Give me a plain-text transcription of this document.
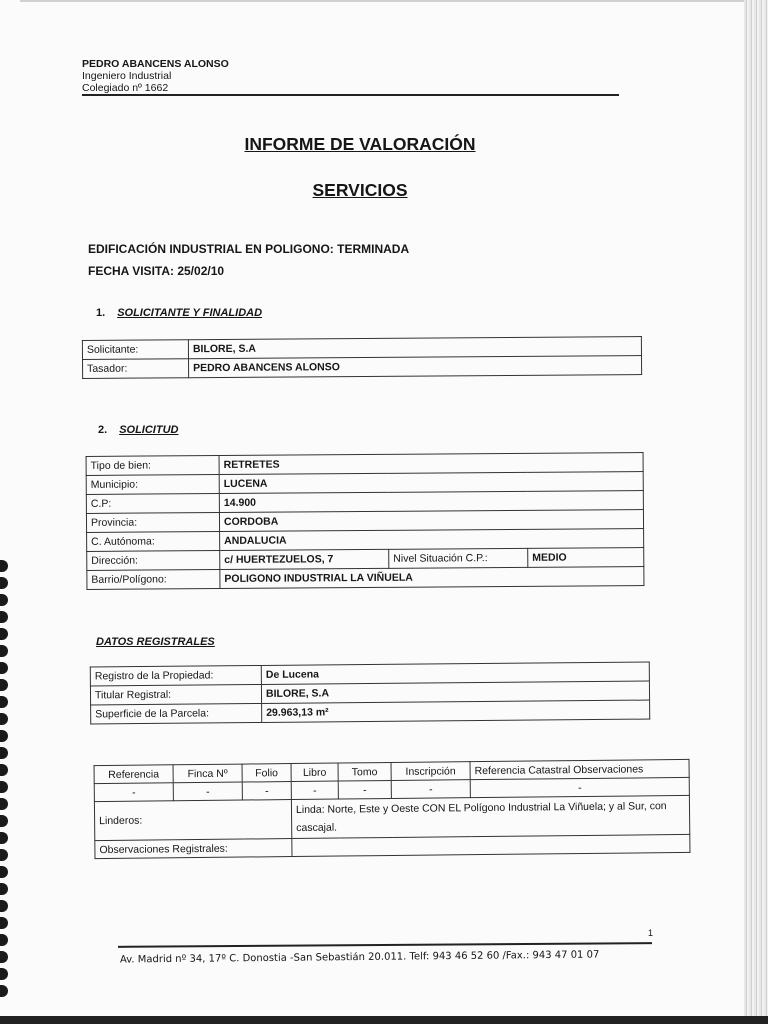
PEDRO ABANCENS ALONSO
Ingeniero Industrial
Colegiado nº 1662
INFORME DE VALORACIÓN
SERVICIOS
EDIFICACIÓN INDUSTRIAL EN POLIGONO: TERMINADA
FECHA VISITA: 25/02/10
1. SOLICITANTE Y FINALIDAD
Solicitante:	BILORE, S.A
Tasador:	PEDRO ABANCENS ALONSO
2. SOLICITUD
Tipo de bien:	RETRETES		
Municipio:	LUCENA		
C.P:	14.900		
Provincia:	CORDOBA		
C. Autónoma:	ANDALUCIA		
Dirección:	c/ HUERTEZUELOS, 7	Nivel Situación C.P.:	MEDIO
Barrio/Polígono:	POLIGONO INDUSTRIAL LA VIÑUELA		
DATOS REGISTRALES
Registro de la Propiedad:	De Lucena
Titular Registral:	BILORE, S.A
Superficie de la Parcela:	29.963,13 m²
Referencia	Finca Nº	Folio	Libro	Tomo	Inscripción	Referencia Catastral Observaciones
-	-	-	-	-	-	-
Linderos:			Linda: Norte, Este y Oeste CON EL Polígono Industrial La Viñuela; y al Sur, con cascajal.			
Observaciones Registrales:						
1
Av. Madrid nº 34, 17º C. Donostia -San Sebastián 20.011. Telf: 943 46 52 60 /Fax.: 943 47 01 07
